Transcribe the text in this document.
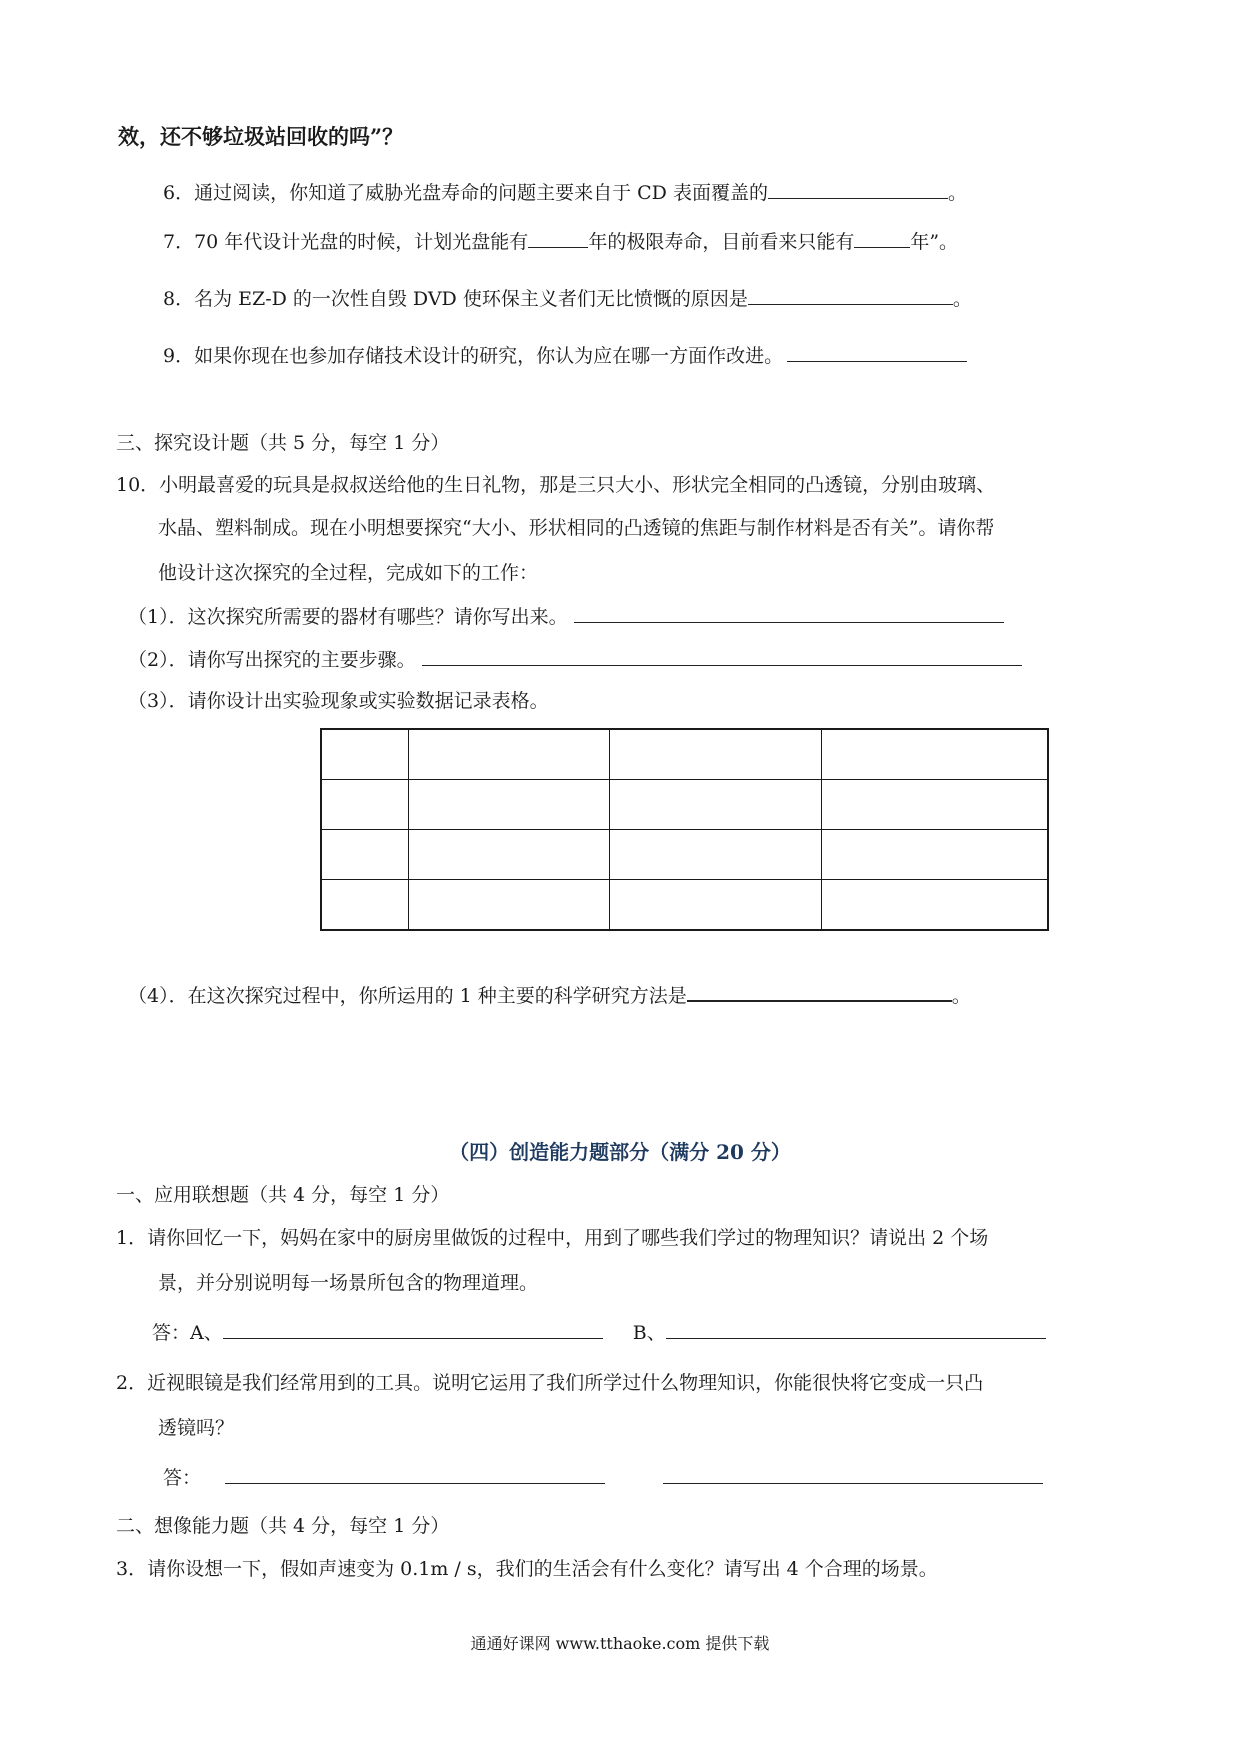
效，还不够垃圾站回收的吗”？
6．通过阅读，你知道了威胁光盘寿命的问题主要来自于 CD 表面覆盖的	。
7．70 年代设计光盘的时候，计划光盘能有	年的极限寿命，目前看来只能有	年”。
8．名为 EZ-D 的一次性自毁 DVD 使环保主义者们无比愤慨的原因是	。
9．如果你现在也参加存储技术设计的研究，你认为应在哪一方面作改进。
三、探究设计题（共 5 分，每空 1 分）
10．小明最喜爱的玩具是叔叔送给他的生日礼物，那是三只大小、形状完全相同的凸透镜，分别由玻璃、
水晶、塑料制成。现在小明想要探究“大小、形状相同的凸透镜的焦距与制作材料是否有关”。请你帮
他设计这次探究的全过程，完成如下的工作：
（1）．这次探究所需要的器材有哪些？请你写出来。
（2）．请你写出探究的主要步骤。
（3）．请你设计出实验现象或实验数据记录表格。

（4）．在这次探究过程中，你所运用的 1 种主要的科学研究方法是	。
（四）创造能力题部分（满分 20 分）
一、应用联想题（共 4 分，每空 1 分）
1．请你回忆一下，妈妈在家中的厨房里做饭的过程中，用到了哪些我们学过的物理知识？请说出 2 个场
景，并分别说明每一场景所包含的物理道理。
答：A、	B、
2．近视眼镜是我们经常用到的工具。说明它运用了我们所学过什么物理知识，你能很快将它变成一只凸
透镜吗？
答：
二、想像能力题（共 4 分，每空 1 分）
3．请你设想一下，假如声速变为 0.1m / s，我们的生活会有什么变化？请写出 4 个合理的场景。
通通好课网 www.tthaoke.com 提供下载
